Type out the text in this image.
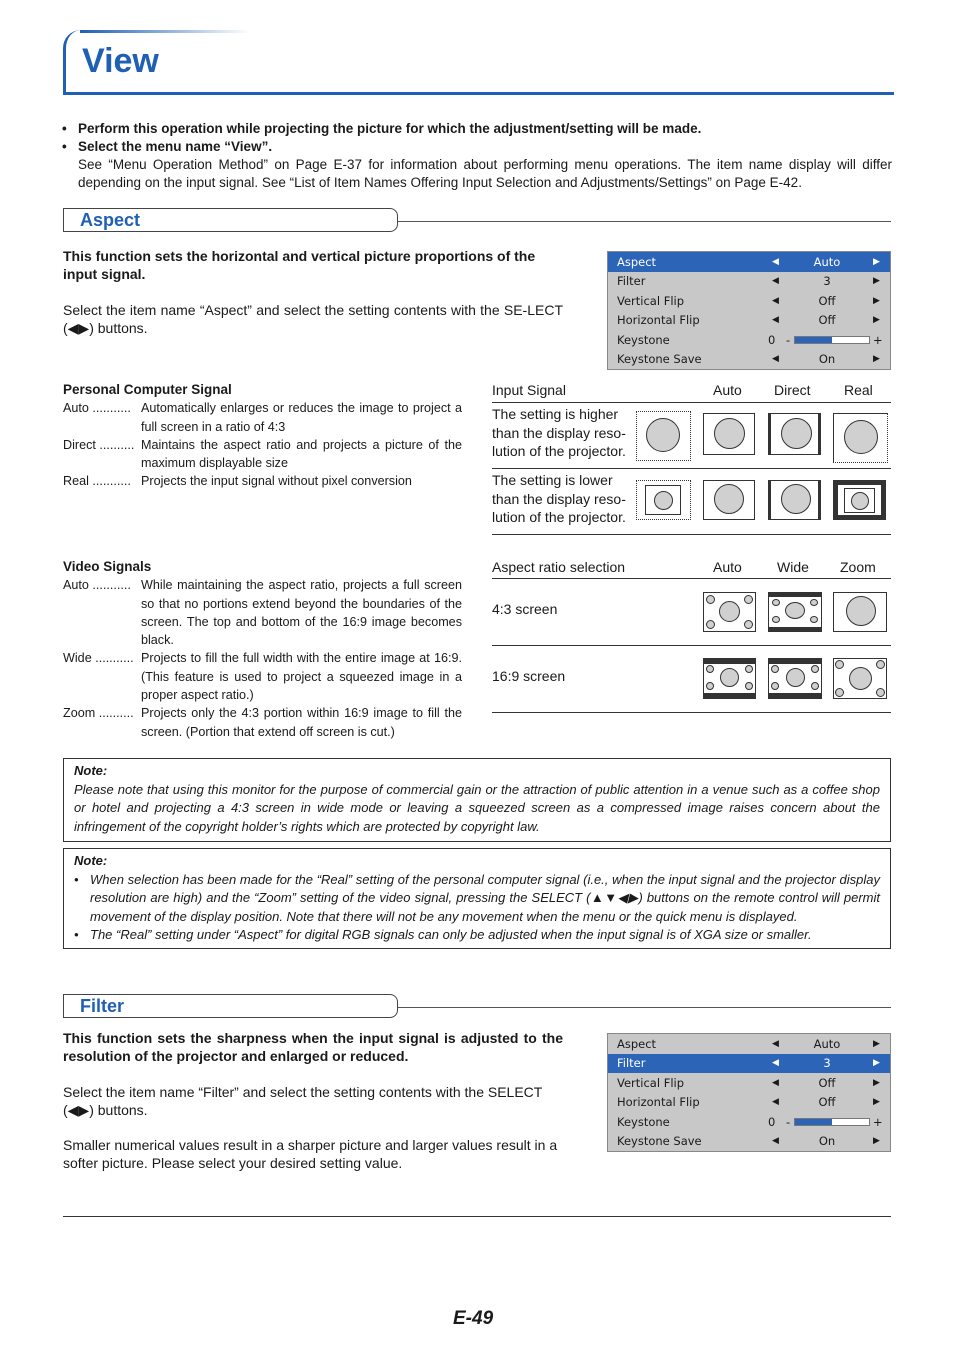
View
• Perform this operation while projecting the picture for which the adjustment/setting will be made.
• Select the menu name “View”.
See “Menu Operation Method” on Page E-37 for information about performing menu operations. The item name display will differ depending on the input signal. See “List of Item Names Offering Input Selection and Adjustments/Settings” on Page E-42.
Aspect
This function sets the horizontal and vertical picture proportions of the input signal.
Select the item name “Aspect” and select the setting contents with the SE-LECT (◀▶) buttons.
Aspect	◀	Auto	▶
Filter	◀	3	▶
Vertical Flip	◀	Off	▶
Horizontal Flip	◀	Off	▶
Keystone	0 -	+
Keystone Save	◀	On	▶
Personal Computer Signal
Auto ........... Automatically enlarges or reduces the image to project a full screen in a ratio of 4:3
Direct .......... Maintains the aspect ratio and projects a picture of the maximum displayable size
Real ........... Projects the input signal without pixel conversion
Video Signals
Auto ........... While maintaining the aspect ratio, projects a full screen so that no portions extend beyond the boundaries of the screen. The top and bottom of the 16:9 image becomes black.
Wide ........... Projects to fill the full width with the entire image at 16:9. (This feature is used to project a squeezed image in a proper aspect ratio.)
Zoom .......... Projects only the 4:3 portion within 16:9 image to fill the screen. (Portion that extend off screen is cut.)
Input Signal	Auto Direct Real
The setting is higher than the display reso-lution of the projector.
The setting is lower than the display reso-lution of the projector.
Aspect ratio selection	Auto	Wide Zoom
4:3 screen
16:9 screen
Note:
Please note that using this monitor for the purpose of commercial gain or the attraction of public attention in a venue such as a coffee shop or hotel and projecting a 4:3 screen in wide mode or leaving a squeezed screen as a compressed image raises concern about the infringement of the copyright holder’s rights which are protected by copyright law.
Note:
• When selection has been made for the “Real” setting of the personal computer signal (i.e., when the input signal and the projector display resolution are high) and the “Zoom” setting of the video signal, pressing the SELECT (▲▼◀▶) buttons on the remote control will permit movement of the display position. Note that there will not be any movement when the menu or the quick menu is displayed.
• The “Real” setting under “Aspect” for digital RGB signals can only be adjusted when the input signal is of XGA size or smaller.
Filter
This function sets the sharpness when the input signal is adjusted to the resolution of the projector and enlarged or reduced.
Select the item name “Filter” and select the setting contents with the SELECT (◀▶) buttons.
Smaller numerical values result in a sharper picture and larger values result in a softer picture. Please select your desired setting value.
Aspect	◀	Auto	▶
Filter	◀	3	▶
Vertical Flip	◀	Off	▶
Horizontal Flip	◀	Off	▶
Keystone	0 -	+
Keystone Save	◀	On	▶
E-49
